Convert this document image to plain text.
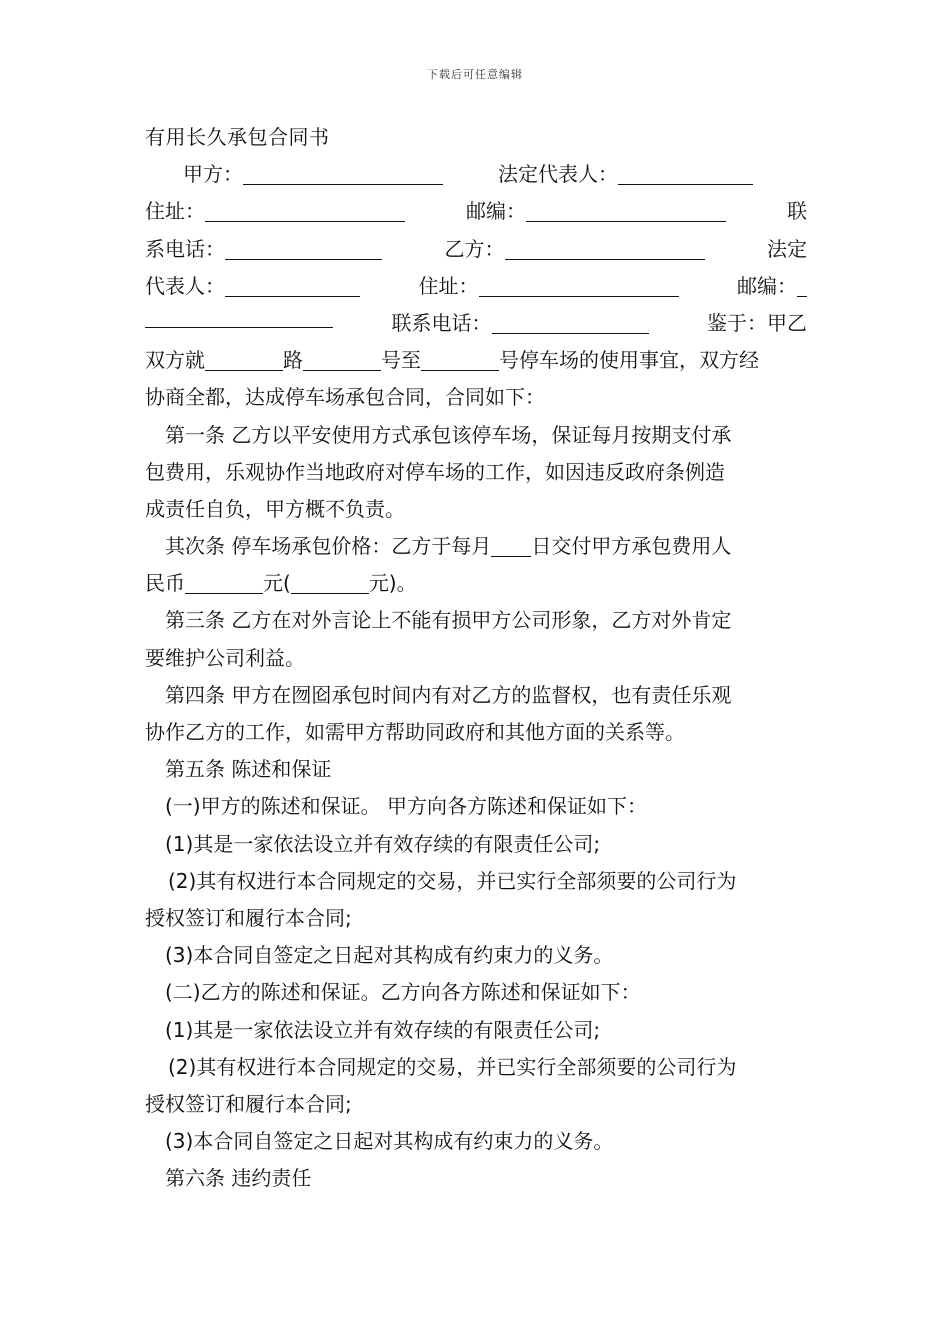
下载后可任意编辑
有用长久承包合同书
甲方：	法定代表人：
住址：	邮编：	联
系电话：	乙方：	法定
代表人：	住址：	邮编：
联系电话：	鉴于：甲乙
双方就	路	号至	号停车场的使用事宜，双方经
协商全都，达成停车场承包合同，合同如下：
第一条 乙方以平安使用方式承包该停车场，保证每月按期支付承
包费用，乐观协作当地政府对停车场的工作，如因违反政府条例造
成责任自负，甲方概不负责。
其次条 停车场承包价格：乙方于每月 日交付甲方承包费用人
民币	元(	元)。
第三条 乙方在对外言论上不能有损甲方公司形象，乙方对外肯定
要维护公司利益。
第四条 甲方在囫囵承包时间内有对乙方的监督权，也有责任乐观
协作乙方的工作，如需甲方帮助同政府和其他方面的关系等。
第五条 陈述和保证
(一)甲方的陈述和保证。 甲方向各方陈述和保证如下：
(1)其是一家依法设立并有效存续的有限责任公司;
(2)其有权进行本合同规定的交易，并已实行全部须要的公司行为
授权签订和履行本合同;
(3)本合同自签定之日起对其构成有约束力的义务。
(二)乙方的陈述和保证。乙方向各方陈述和保证如下：
(1)其是一家依法设立并有效存续的有限责任公司;
(2)其有权进行本合同规定的交易，并已实行全部须要的公司行为
授权签订和履行本合同;
(3)本合同自签定之日起对其构成有约束力的义务。
第六条 违约责任
